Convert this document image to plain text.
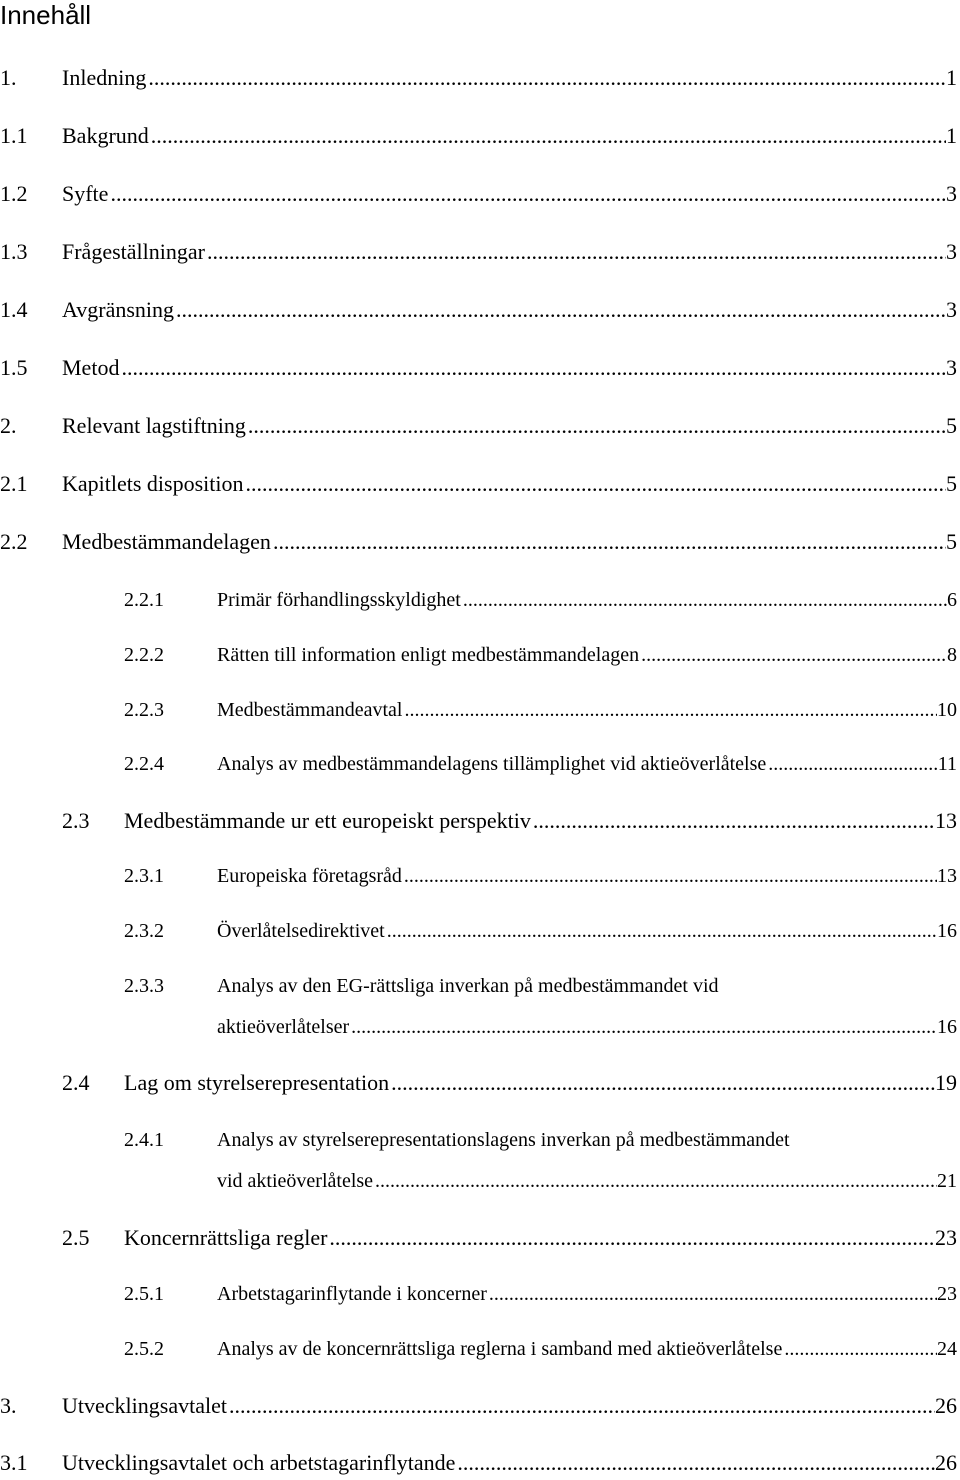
Innehåll
1.	Inledning .....	1
1.1	Bakgrund .....	1
1.2	Syfte .....	3
1.3	Frågeställningar .....	3
1.4	Avgränsning .....	3
1.5	Metod .....	3
2.	Relevant lagstiftning .....	5
2.1	Kapitlets disposition .....	5
2.2	Medbestämmandelagen .....	5
2.2.1	Primär förhandlingsskyldighet .....	6
2.2.2	Rätten till information enligt medbestämmandelagen .....	8
2.2.3	Medbestämmandeavtal .....	10
2.2.4	Analys av medbestämmandelagens tillämplighet vid aktieöverlåtelse .....	11
2.3	Medbestämmande ur ett europeiskt perspektiv .....	13
2.3.1	Europeiska företagsråd .....	13
2.3.2	Överlåtelsedirektivet .....	16
2.3.3	Analys av den EG-rättsliga inverkan på medbestämmandet vid
aktieöverlåtelser .....	16
2.4	Lag om styrelserepresentation .....	19
2.4.1	Analys av styrelserepresentationslagens inverkan på medbestämmandet
vid aktieöverlåtelse .....	21
2.5	Koncernrättsliga regler .....	23
2.5.1	Arbetstagarinflytande i koncerner .....	23
2.5.2	Analys av de koncernrättsliga reglerna i samband med aktieöverlåtelse .....	24
3.	Utvecklingsavtalet .....	26
3.1	Utvecklingsavtalet och arbetstagarinflytande .....	26
